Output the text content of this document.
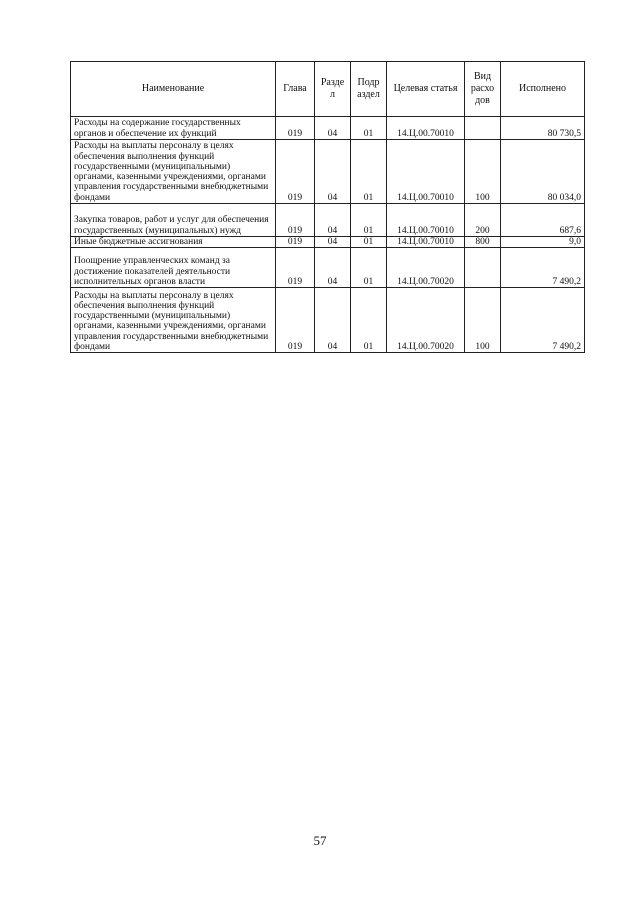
Наименование	Глава	Разде л	Подр аздел	Целевая статья	Вид расхо дов	Исполнено
Расходы на содержание государственных органов и обеспечение их функций	019	04	01	14.Ц.00.70010		80 730,5
Расходы на выплаты персоналу в целях обеспечения выполнения функций государственными (муниципальными) органами, казенными учреждениями, органами управления государственными внебюджетными фондами	019	04	01	14.Ц.00.70010	100	80 034,0
Закупка товаров, работ и услуг для обеспечения государственных (муниципальных) нужд	019	04	01	14.Ц.00.70010	200	687,6
Иные бюджетные ассигнования	019	04	01	14.Ц.00.70010	800	9,0
Поощрение управленческих команд за достижение показателей деятельности исполнительных органов власти	019	04	01	14.Ц.00.70020		7 490,2
Расходы на выплаты персоналу в целях обеспечения выполнения функций государственными (муниципальными) органами, казенными учреждениями, органами управления государственными внебюджетными фондами	019	04	01	14.Ц.00.70020	100	7 490,2
57
